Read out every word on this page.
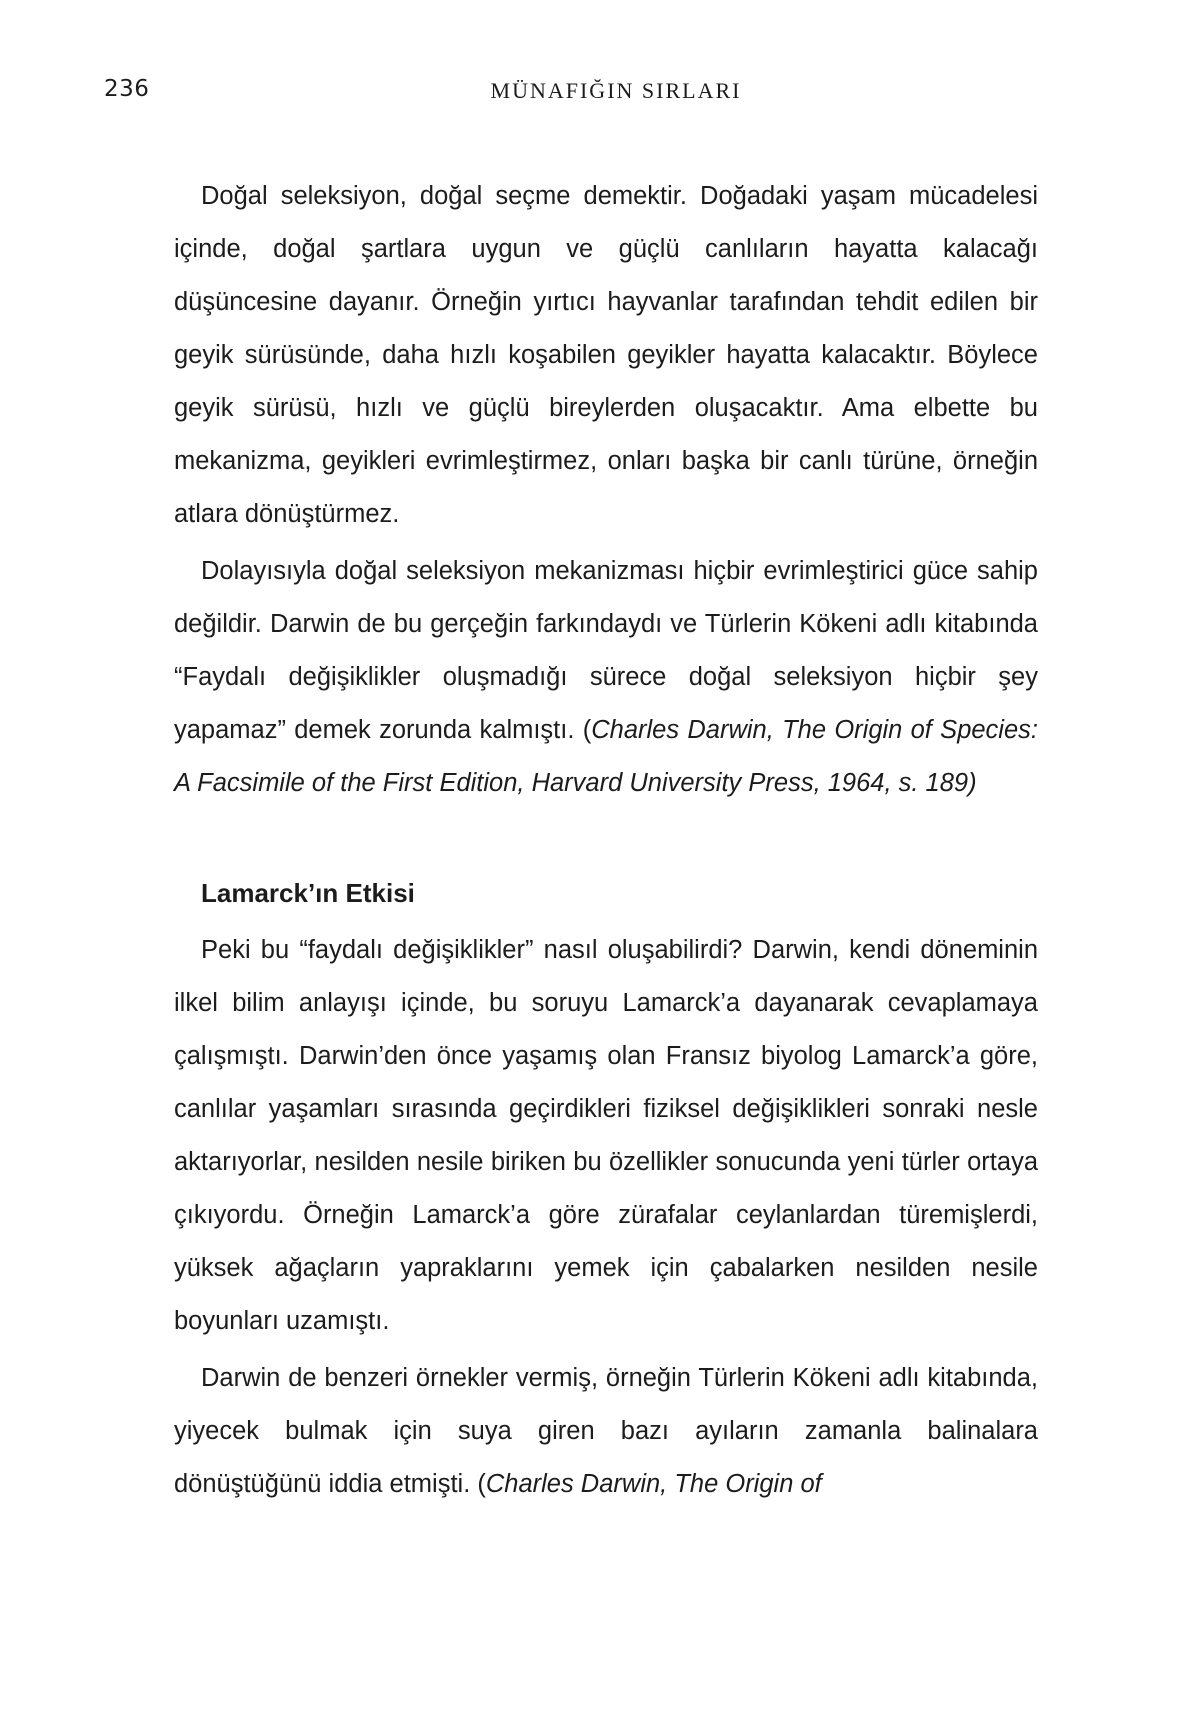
236	MÜNAFIĞIN SIRLARI

Doğal seleksiyon, doğal seçme demektir. Doğadaki yaşam mücadelesi içinde, doğal şartlara uygun ve güçlü canlıların hayatta kalacağı düşüncesine dayanır. Örneğin yırtıcı hayvanlar tarafından tehdit edilen bir geyik sürüsünde, daha hızlı koşabilen geyikler hayatta kalacaktır. Böylece geyik sürüsü, hızlı ve güçlü bireylerden oluşacaktır. Ama elbette bu mekanizma, geyikleri evrimleştirmez, onları başka bir canlı türüne, örneğin atlara dönüştürmez.

Dolayısıyla doğal seleksiyon mekanizması hiçbir evrimleştirici güce sahip değildir. Darwin de bu gerçeğin farkındaydı ve Türlerin Kökeni adlı kitabında “Faydalı değişiklikler oluşmadığı sürece doğal seleksiyon hiçbir şey yapamaz” demek zorunda kalmıştı. (Charles Darwin, The Origin of Species: A Facsimile of the First Edition, Harvard University Press, 1964, s. 189)

Lamarck’ın Etkisi

Peki bu “faydalı değişiklikler” nasıl oluşabilirdi? Darwin, kendi döneminin ilkel bilim anlayışı içinde, bu soruyu Lamarck’a dayanarak cevaplamaya çalışmıştı. Darwin’den önce yaşamış olan Fransız biyolog Lamarck’a göre, canlılar yaşamları sırasında geçirdikleri fiziksel değişiklikleri sonraki nesle aktarıyorlar, nesilden nesile biriken bu özellikler sonucunda yeni türler ortaya çıkıyordu. Örneğin Lamarck’a göre zürafalar ceylanlardan türemişlerdi, yüksek ağaçların yapraklarını yemek için çabalarken nesilden nesile boyunları uzamıştı.

Darwin de benzeri örnekler vermiş, örneğin Türlerin Kökeni adlı kitabında, yiyecek bulmak için suya giren bazı ayıların zamanla balinalara dönüştüğünü iddia etmişti. (Charles Darwin, The Origin of
